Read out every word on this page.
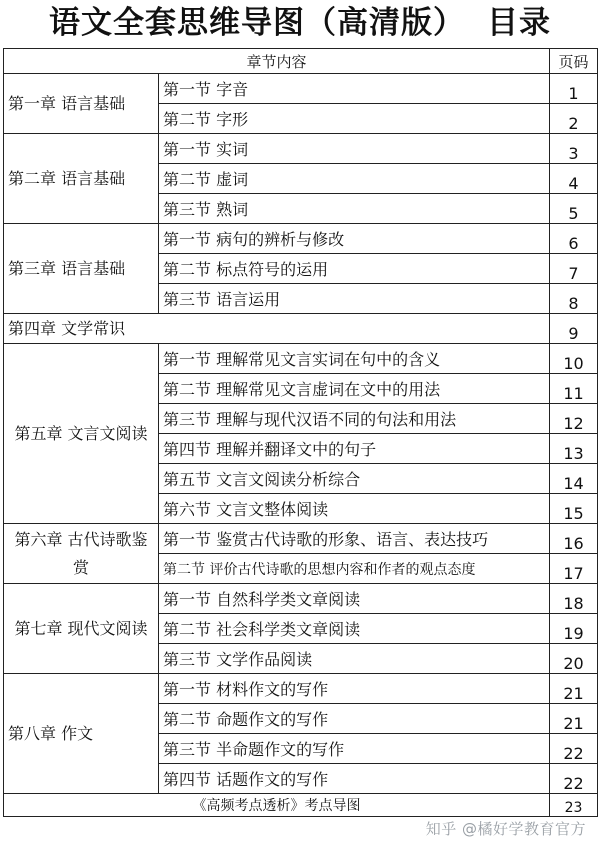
语文全套思维导图（高清版） 目录
章节内容		页码
第一章 语言基础	第一节 字音	1
	第二节 字形	2
第二章 语言基础	第一节 实词	3
	第二节 虚词	4
	第三节 熟词	5
第三章 语言基础	第一节 病句的辨析与修改	6
	第二节 标点符号的运用	7
	第三节 语言运用	8
第四章 文学常识		9
第五章 文言文阅读	第一节 理解常见文言实词在句中的含义	10
	第二节 理解常见文言虚词在文中的用法	11
	第三节 理解与现代汉语不同的句法和用法	12
	第四节 理解并翻译文中的句子	13
	第五节 文言文阅读分析综合	14
	第六节 文言文整体阅读	15
第六章 古代诗歌鉴赏	第一节 鉴赏古代诗歌的形象、语言、表达技巧	16
	第二节 评价古代诗歌的思想内容和作者的观点态度	17
第七章 现代文阅读	第一节 自然科学类文章阅读	18
	第二节 社会科学类文章阅读	19
	第三节 文学作品阅读	20
第八章 作文	第一节 材料作文的写作	21
	第二节 命题作文的写作	21
	第三节 半命题作文的写作	22
	第四节 话题作文的写作	22
《高频考点透析》考点导图		23
知乎 @橘好学教育官方
